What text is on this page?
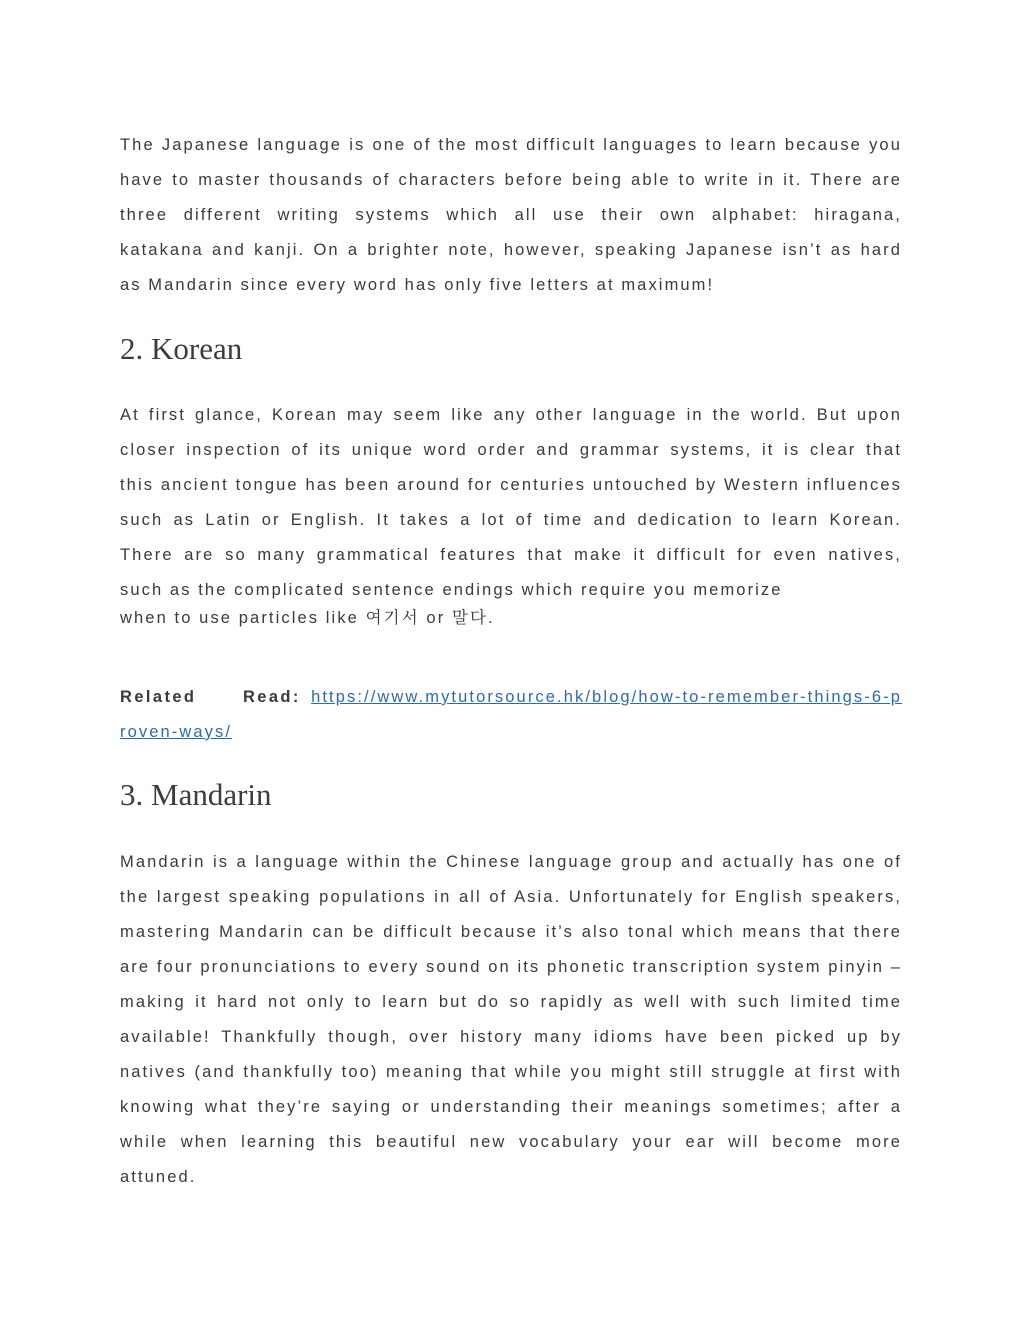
The Japanese language is one of the most difficult languages to learn because you have to master thousands of characters before being able to write in it. There are three different writing systems which all use their own alphabet: hiragana, katakana and kanji. On a brighter note, however, speaking Japanese isn’t as hard as Mandarin since every word has only five letters at maximum!

2. Korean

At first glance, Korean may seem like any other language in the world. But upon closer inspection of its unique word order and grammar systems, it is clear that this ancient tongue has been around for centuries untouched by Western influences such as Latin or English. It takes a lot of time and dedication to learn Korean. There are so many grammatical features that make it difficult for even natives, such as the complicated sentence endings which require you memorize

when to use particles like 여기서 or 말다.

Related Read: https://www.mytutorsource.hk/blog/how-to-remember-things-6-proven-ways/

3. Mandarin

Mandarin is a language within the Chinese language group and actually has one of the largest speaking populations in all of Asia. Unfortunately for English speakers, mastering Mandarin can be difficult because it’s also tonal which means that there are four pronunciations to every sound on its phonetic transcription system pinyin – making it hard not only to learn but do so rapidly as well with such limited time available! Thankfully though, over history many idioms have been picked up by natives (and thankfully too) meaning that while you might still struggle at first with knowing what they’re saying or understanding their meanings sometimes; after a while when learning this beautiful new vocabulary your ear will become more attuned.
